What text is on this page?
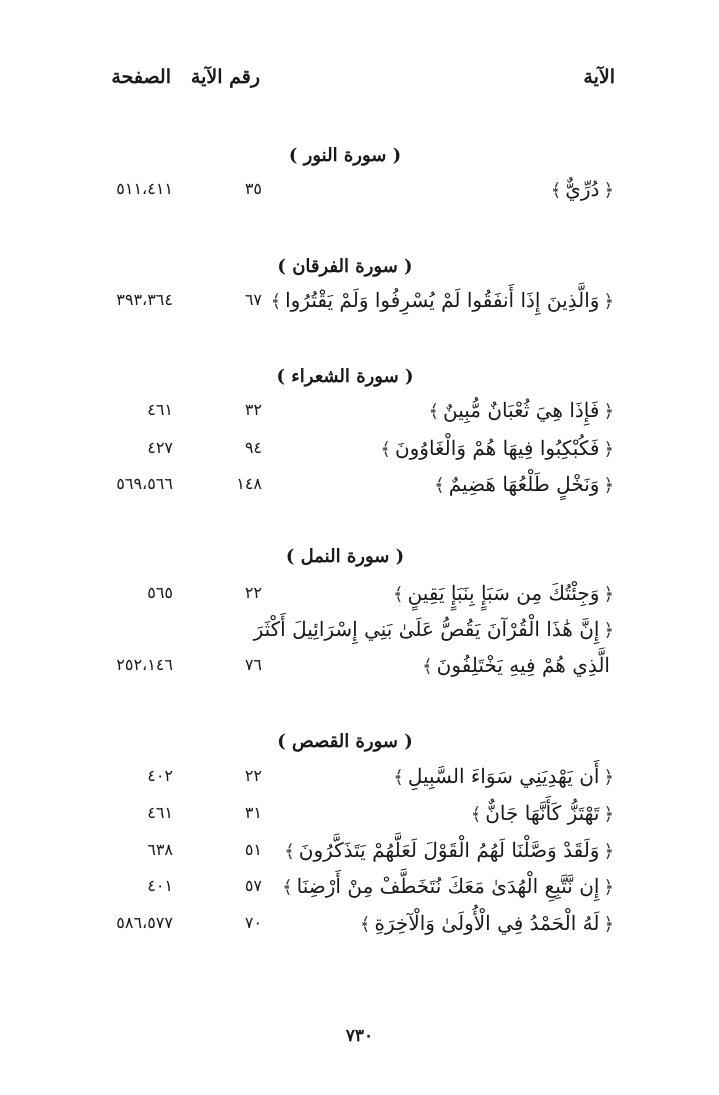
الآية
رقم الآية
الصفحة
( سورة النور )
﴿دُرِّيٌّ﴾
٣٥
٥١١،٤١١
( سورة الفرقان )
﴿وَالَّذِينَ إِذَا أَنفَقُوا لَمْ يُسْرِفُوا وَلَمْ يَقْتُرُوا﴾
٦٧
٣٩٣،٣٦٤
( سورة الشعراء )
﴿فَإِذَا هِيَ ثُعْبَانٌ مُّبِينٌ﴾
٣٢
٤٦١
﴿فَكُبْكِبُوا فِيهَا هُمْ وَالْغَاوُونَ﴾
٩٤
٤٢٧
﴿وَنَخْلٍ طَلْعُهَا هَضِيمٌ﴾
١٤٨
٥٦٩،٥٦٦
( سورة النمل )
﴿وَجِئْتُكَ مِن سَبَإٍ بِنَبَإٍ يَقِينٍ﴾
٢٢
٥٦٥
﴿إِنَّ هَٰذَا الْقُرْآنَ يَقُصُّ عَلَىٰ بَنِي إِسْرَائِيلَ أَكْثَرَ
الَّذِي هُمْ فِيهِ يَخْتَلِفُونَ﴾
٧٦
٢٥٢،١٤٦
( سورة القصص )
﴿أَن يَهْدِيَنِي سَوَاءَ السَّبِيلِ﴾
٢٢
٤٠٢
﴿تَهْتَزُّ كَأَنَّهَا جَانٌّ﴾
٣١
٤٦١
﴿وَلَقَدْ وَصَّلْنَا لَهُمُ الْقَوْلَ لَعَلَّهُمْ يَتَذَكَّرُونَ﴾
٥١
٦٣٨
﴿إِن نَّتَّبِعِ الْهُدَىٰ مَعَكَ نُتَخَطَّفْ مِنْ أَرْضِنَا﴾
٥٧
٤٠١
﴿لَهُ الْحَمْدُ فِي الْأُولَىٰ وَالْآخِرَةِ﴾
٧٠
٥٨٦،٥٧٧
٧٣٠
